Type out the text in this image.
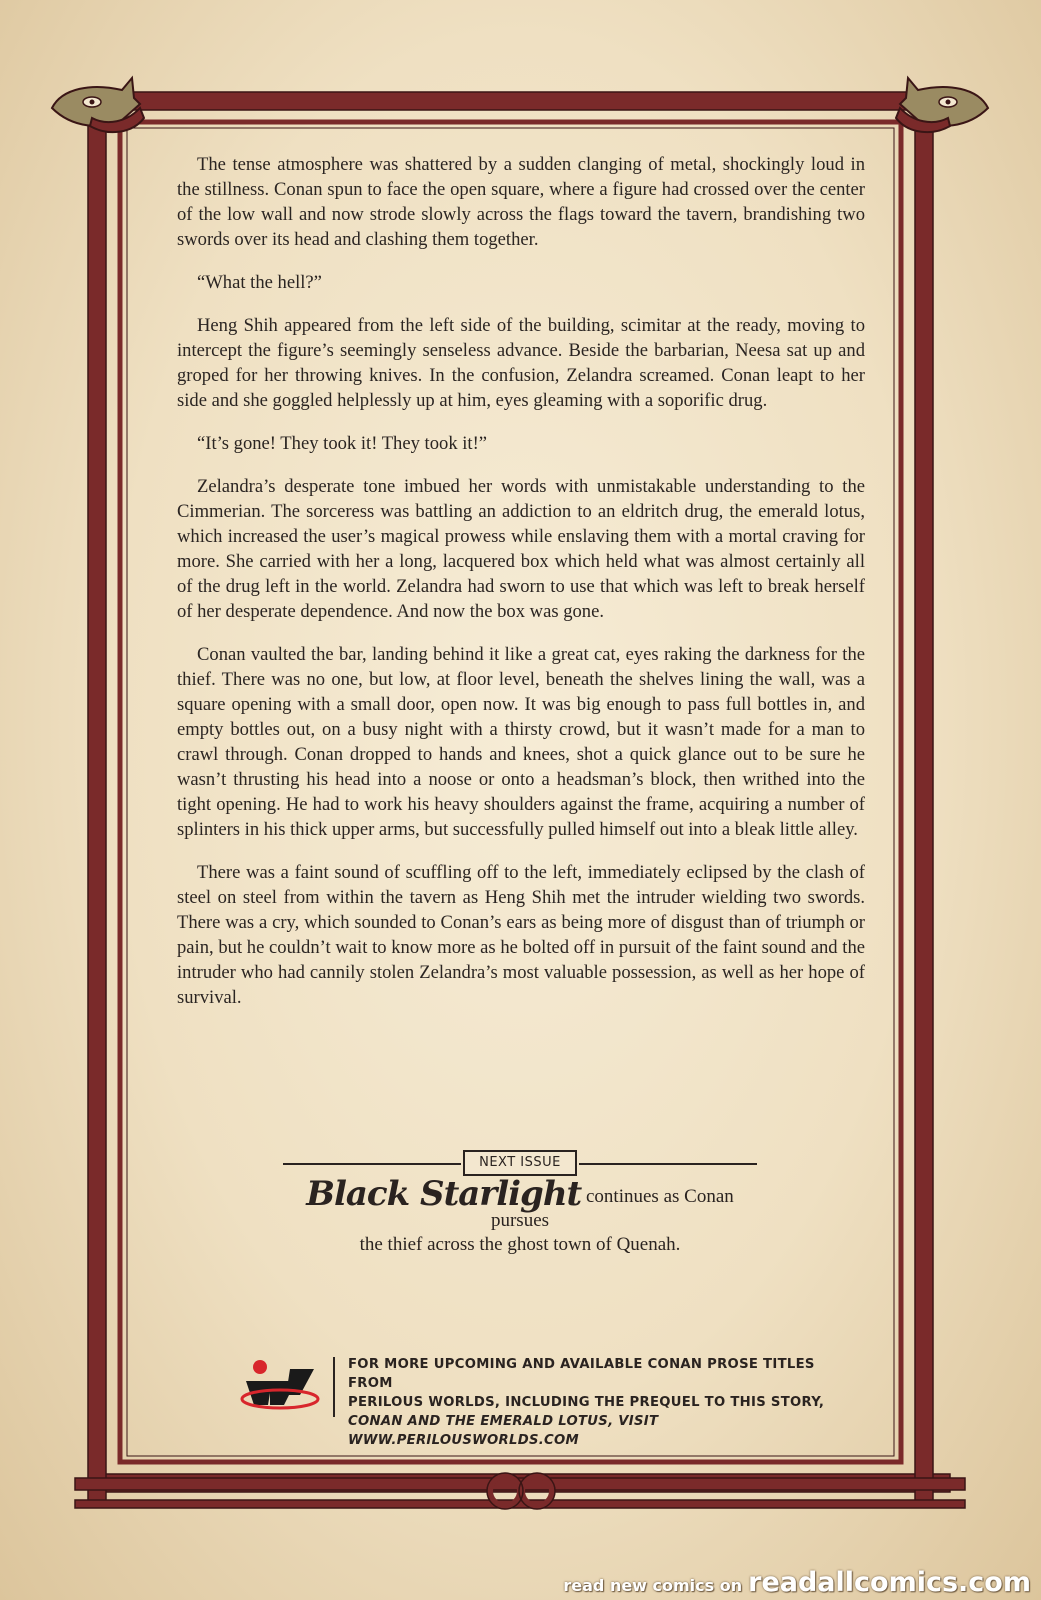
The tense atmosphere was shattered by a sudden clanging of metal, shockingly loud in the stillness. Conan spun to face the open square, where a figure had crossed over the center of the low wall and now strode slowly across the flags toward the tavern, brandishing two swords over its head and clashing them together.

“What the hell?”

Heng Shih appeared from the left side of the building, scimitar at the ready, moving to intercept the figure’s seemingly senseless advance. Beside the barbarian, Neesa sat up and groped for her throwing knives. In the confusion, Zelandra screamed. Conan leapt to her side and she goggled helplessly up at him, eyes gleaming with a soporific drug.

“It’s gone! They took it! They took it!”

Zelandra’s desperate tone imbued her words with unmistakable understanding to the Cimmerian. The sorceress was battling an addiction to an eldritch drug, the emerald lotus, which increased the user’s magical prowess while enslaving them with a mortal craving for more. She carried with her a long, lacquered box which held what was almost certainly all of the drug left in the world. Zelandra had sworn to use that which was left to break herself of her desperate dependence. And now the box was gone.

Conan vaulted the bar, landing behind it like a great cat, eyes raking the darkness for the thief. There was no one, but low, at floor level, beneath the shelves lining the wall, was a square opening with a small door, open now. It was big enough to pass full bottles in, and empty bottles out, on a busy night with a thirsty crowd, but it wasn’t made for a man to crawl through. Conan dropped to hands and knees, shot a quick glance out to be sure he wasn’t thrusting his head into a noose or onto a headsman’s block, then writhed into the tight opening. He had to work his heavy shoulders against the frame, acquiring a number of splinters in his thick upper arms, but successfully pulled himself out into a bleak little alley.

There was a faint sound of scuffling off to the left, immediately eclipsed by the clash of steel on steel from within the tavern as Heng Shih met the intruder wielding two swords. There was a cry, which sounded to Conan’s ears as being more of disgust than of triumph or pain, but he couldn’t wait to know more as he bolted off in pursuit of the faint sound and the intruder who had cannily stolen Zelandra’s most valuable possession, as well as her hope of survival.

NEXT ISSUE
Black Starlight continues as Conan pursues
the thief across the ghost town of Quenah.
FOR MORE UPCOMING AND AVAILABLE CONAN PROSE TITLES FROM
PERILOUS WORLDS, INCLUDING THE PREQUEL TO THIS STORY,
CONAN AND THE EMERALD LOTUS, VISIT WWW.PERILOUSWORLDS.COM
read new comics on readallcomics.com
